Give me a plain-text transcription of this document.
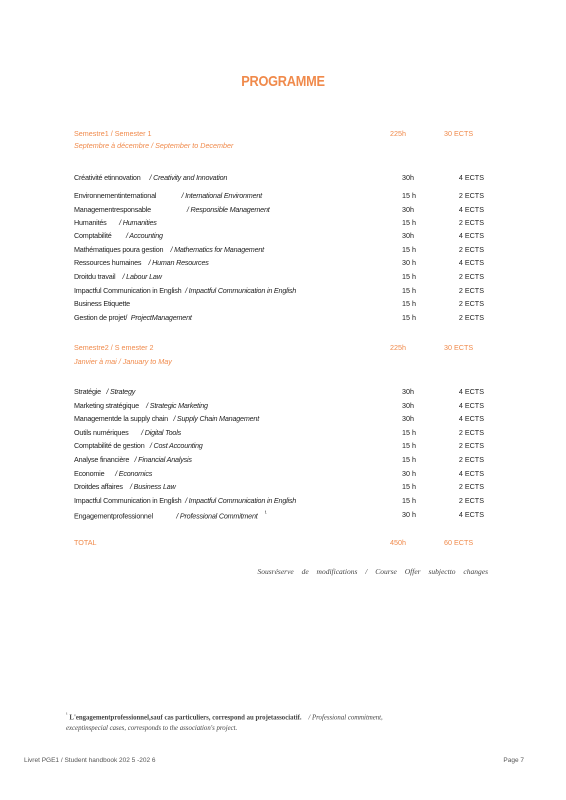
PROGRAMME
Semestre1 / Semester 1
Septembre à décembre / September to December
225h	30 ECTS
Créativité etinnovation / Creativity and Innovation	30h	4 ECTS
Environnementinternational	/ International Environment	15 h	2 ECTS
Managementresponsable	/ Responsible Management	30h	4 ECTS
Humanités / Humanities	15 h	2 ECTS
Comptabilité / Accounting	30h	4 ECTS
Mathématiques poura gestion / Mathematics for Management	15 h	2 ECTS
Ressources humaines / Human Resources	30 h	4 ECTS
Droitdu travail / Labour Law	15 h	2 ECTS
Impactful Communication in English / Impactful Communication in English	15 h	2 ECTS
Business Etiquette	15 h	2 ECTS
Gestion de projet/ ProjectManagement	15 h	2 ECTS
Semestre2 / S emester 2
Janvier à mai / January to May
225h	30 ECTS
Stratégie / Strategy	30h	4 ECTS
Marketing stratégique / Strategic Marketing	30h	4 ECTS
Managementde la supply chain / Supply Chain Management	30h	4 ECTS
Outils numériques / Digital Tools	15 h	2 ECTS
Comptabilité de gestion / Cost Accounting	15 h	2 ECTS
Analyse financière / Financial Analysis	15 h	2 ECTS
Economie / Economics	30 h	4 ECTS
Droitdes affaires / Business Law	15 h	2 ECTS
Impactful Communication in English / Impactful Communication in English	15 h	2 ECTS
Engagementprofessionnel	/ Professional Commitment $^{^1}$	30 h	4 ECTS
TOTAL	450h	60 ECTS
Sousréserve de modifications / Course Offer subjectto changes
$^{^1}$ L'engagementprofessionnel,sauf cas particuliers, correspond au projetassociatif. / Professional commitment,
exceptinspecial cases, corresponds to the association's project.
Livret PGE1 / Student handbook 202 5 -202 6	Page 7
